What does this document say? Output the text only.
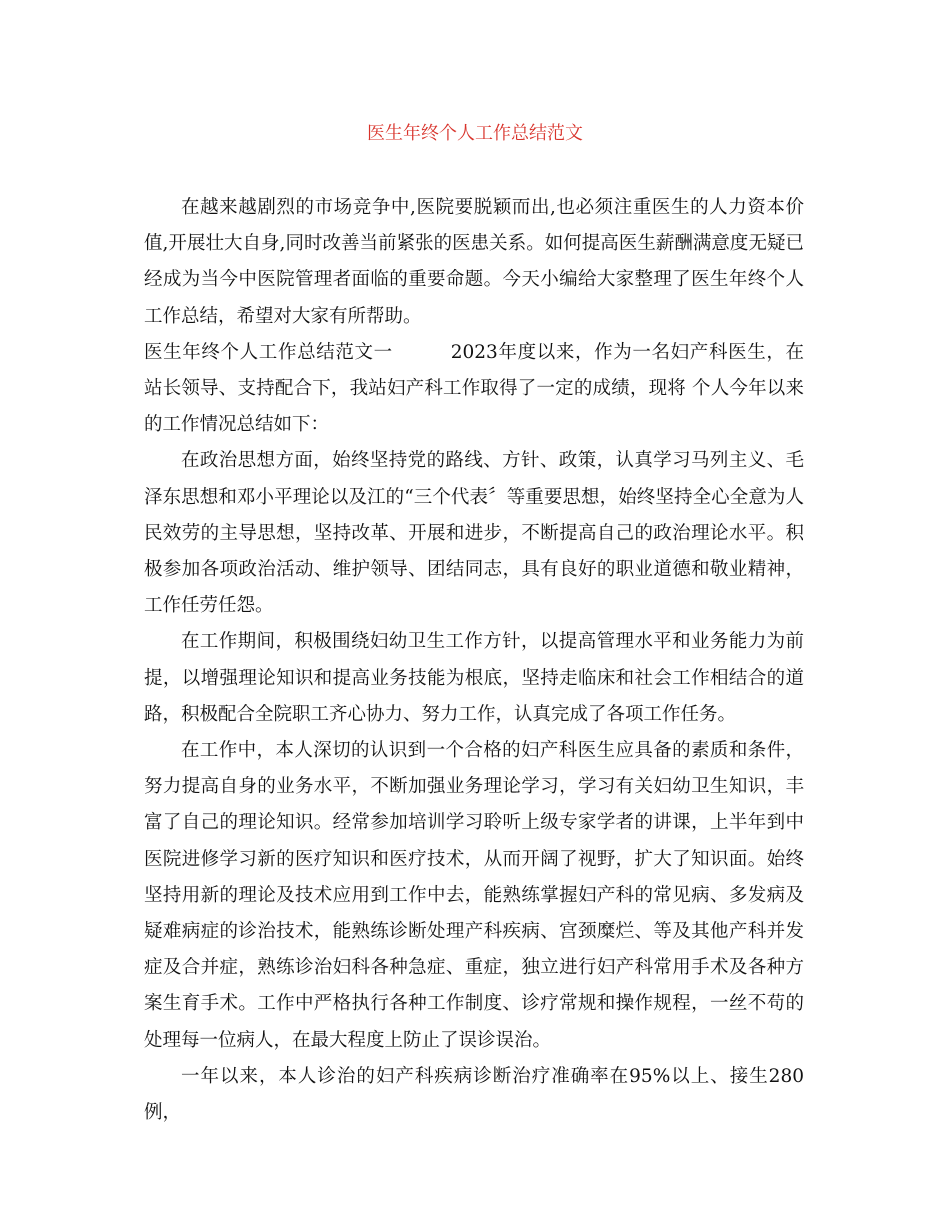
医生年终个人工作总结范文

在越来越剧烈的市场竞争中,医院要脱颖而出,也必须注重医生的人力资本价值,开展壮大自身,同时改善当前紧张的医患关系。如何提高医生薪酬满意度无疑已经成为当今中医院管理者面临的重要命题。今天小编给大家整理了医生年终个人工作总结，希望对大家有所帮助。

医生年终个人工作总结范文一	2023年度以来，作为一名妇产科医生，在站长领导、支持配合下，我站妇产科工作取得了一定的成绩，现将 个人今年以来的工作情况总结如下：

在政治思想方面，始终坚持党的路线、方针、政策，认真学习马列主义、毛泽东思想和邓小平理论以及江的“三个代表〞等重要思想，始终坚持全心全意为人民效劳的主导思想，坚持改革、开展和进步，不断提高自己的政治理论水平。积极参加各项政治活动、维护领导、团结同志，具有良好的职业道德和敬业精神，工作任劳任怨。

在工作期间，积极围绕妇幼卫生工作方针，以提高管理水平和业务能力为前提，以增强理论知识和提高业务技能为根底，坚持走临床和社会工作相结合的道路，积极配合全院职工齐心协力、努力工作，认真完成了各项工作任务。

在工作中，本人深切的认识到一个合格的妇产科医生应具备的素质和条件，努力提高自身的业务水平，不断加强业务理论学习，学习有关妇幼卫生知识，丰富了自己的理论知识。经常参加培训学习聆听上级专家学者的讲课，上半年到中医院进修学习新的医疗知识和医疗技术，从而开阔了视野，扩大了知识面。始终坚持用新的理论及技术应用到工作中去，能熟练掌握妇产科的常见病、多发病及疑难病症的诊治技术，能熟练诊断处理产科疾病、宫颈糜烂、等及其他产科并发症及合并症，熟练诊治妇科各种急症、重症，独立进行妇产科常用手术及各种方案生育手术。工作中严格执行各种工作制度、诊疗常规和操作规程，一丝不苟的处理每一位病人，在最大程度上防止了误诊误治。

一年以来，本人诊治的妇产科疾病诊断治疗准确率在95%以上、接生280例，
